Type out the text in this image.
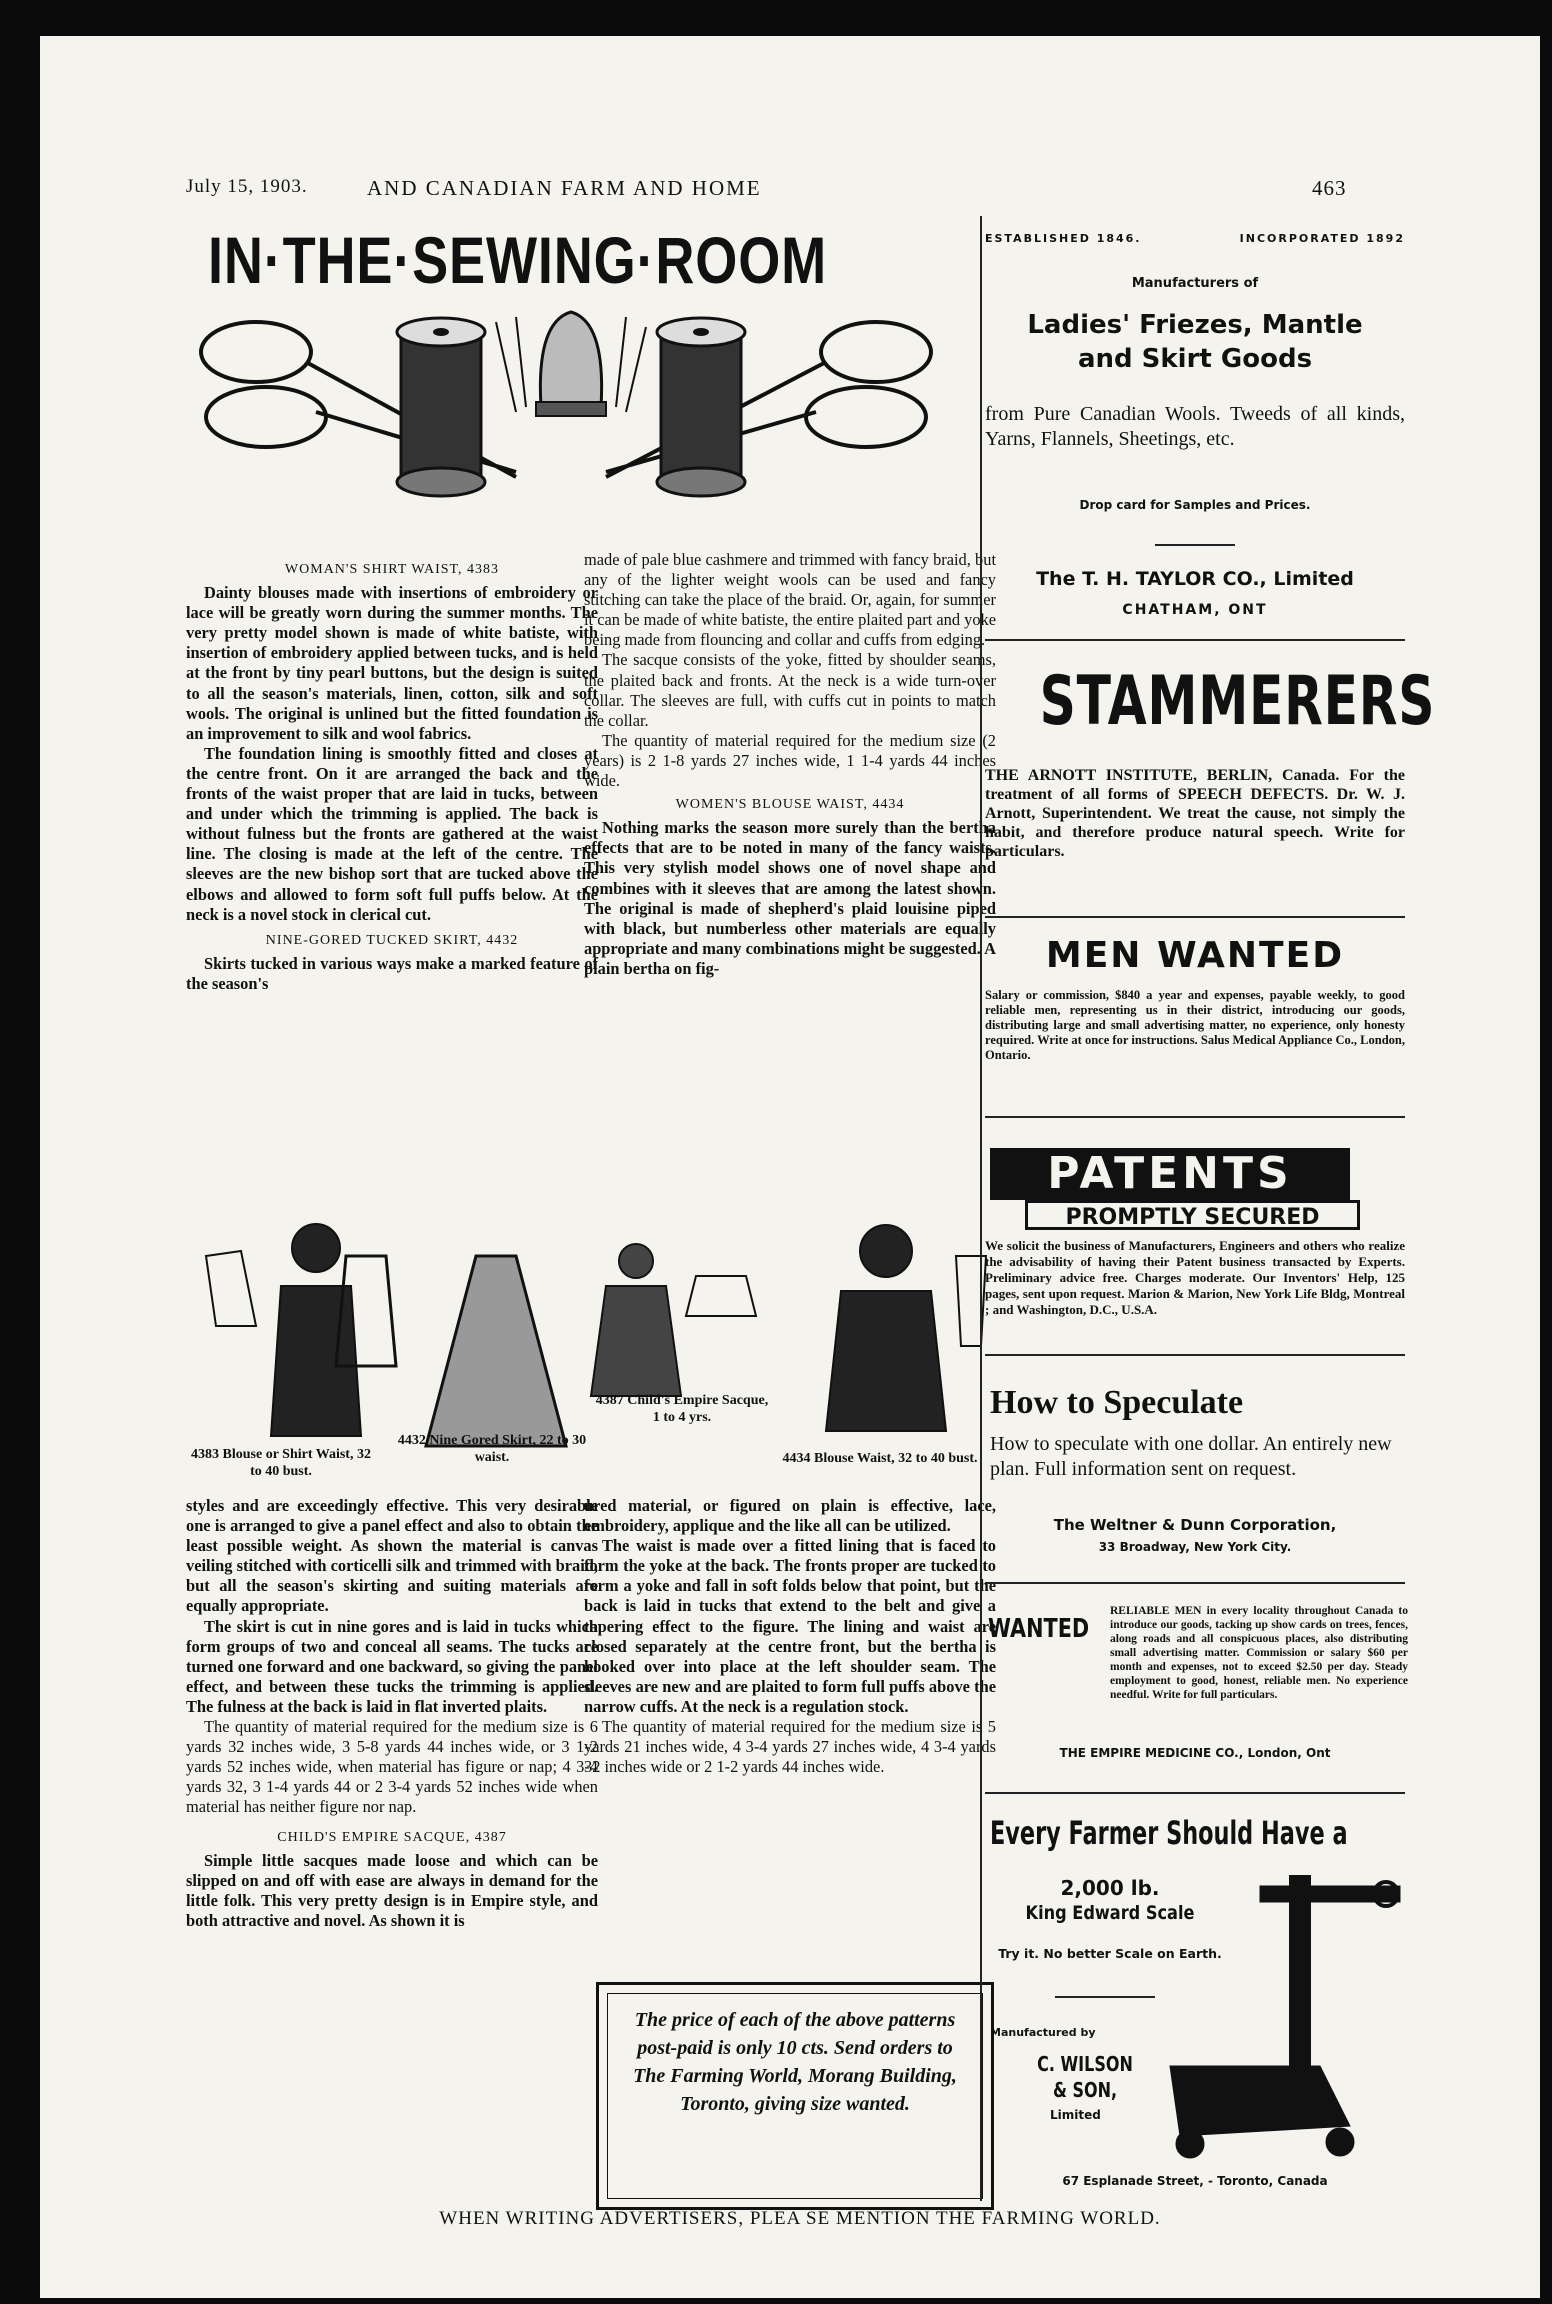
July 15, 1903.	AND CANADIAN FARM AND HOME	463
IN·THE·SEWING·ROOM
WOMAN'S SHIRT WAIST, 4383

Dainty blouses made with insertions of embroidery or lace will be greatly worn during the summer months. The very pretty model shown is made of white batiste, with insertion of embroidery applied between tucks, and is held at the front by tiny pearl buttons, but the design is suited to all the season's materials, linen, cotton, silk and soft wools. The original is unlined but the fitted foundation is an improvement to silk and wool fabrics.

The foundation lining is smoothly fitted and closes at the centre front. On it are arranged the back and the fronts of the waist proper that are laid in tucks, between and under which the trimming is applied. The back is without fulness but the fronts are gathered at the waist line. The closing is made at the left of the centre. The sleeves are the new bishop sort that are tucked above the elbows and allowed to form soft full puffs below. At the neck is a novel stock in clerical cut.

NINE-GORED TUCKED SKIRT, 4432

Skirts tucked in various ways make a marked feature of the season's

made of pale blue cashmere and trimmed with fancy braid, but any of the lighter weight wools can be used and fancy stitching can take the place of the braid. Or, again, for summer it can be made of white batiste, the entire plaited part and yoke being made from flouncing and collar and cuffs from edging.

The sacque consists of the yoke, fitted by shoulder seams, the plaited back and fronts. At the neck is a wide turn-over collar. The sleeves are full, with cuffs cut in points to match the collar.

The quantity of material required for the medium size (2 years) is 2 1-8 yards 27 inches wide, 1 1-4 yards 44 inches wide.

WOMEN'S BLOUSE WAIST, 4434

Nothing marks the season more surely than the bertha effects that are to be noted in many of the fancy waists. This very stylish model shows one of novel shape and combines with it sleeves that are among the latest shown. The original is made of shepherd's plaid louisine piped with black, but numberless other materials are equally appropriate and many combinations might be suggested. A plain bertha on fig-

4383 Blouse or Shirt Waist, 32 to 40 bust.
4432 Nine Gored Skirt, 22 to 30 waist.
4387 Child's Empire Sacque, 1 to 4 yrs.
4434 Blouse Waist, 32 to 40 bust.

styles and are exceedingly effective. This very desirable one is arranged to give a panel effect and also to obtain the least possible weight. As shown the material is canvas veiling stitched with corticelli silk and trimmed with braid, but all the season's skirting and suiting materials are equally appropriate.

The skirt is cut in nine gores and is laid in tucks which form groups of two and conceal all seams. The tucks are turned one forward and one backward, so giving the panel effect, and between these tucks the trimming is applied. The fulness at the back is laid in flat inverted plaits.

The quantity of material required for the medium size is 6 yards 32 inches wide, 3 5-8 yards 44 inches wide, or 3 1-2 yards 52 inches wide, when material has figure or nap; 4 3-4 yards 32, 3 1-4 yards 44 or 2 3-4 yards 52 inches wide when material has neither figure nor nap.

CHILD'S EMPIRE SACQUE, 4387

Simple little sacques made loose and which can be slipped on and off with ease are always in demand for the little folk. This very pretty design is in Empire style, and both attractive and novel. As shown it is

ured material, or figured on plain is effective, lace, embroidery, applique and the like all can be utilized.

The waist is made over a fitted lining that is faced to form the yoke at the back. The fronts proper are tucked to form a yoke and fall in soft folds below that point, but the back is laid in tucks that extend to the belt and give a tapering effect to the figure. The lining and waist are closed separately at the centre front, but the bertha is hooked over into place at the left shoulder seam. The sleeves are new and are plaited to form full puffs above the narrow cuffs. At the neck is a regulation stock.

The quantity of material required for the medium size is 5 yards 21 inches wide, 4 3-4 yards 27 inches wide, 4 3-4 yards 32 inches wide or 2 1-2 yards 44 inches wide.

The price of each of the above patterns post-paid is only 10 cts. Send orders to The Farming World, Morang Building, Toronto, giving size wanted.
ESTABLISHED 1846.	INCORPORATED 1892
Manufacturers of
Ladies' Friezes, Mantle and Skirt Goods
from Pure Canadian Wools. Tweeds of all kinds, Yarns, Flannels, Sheetings, etc.
Drop card for Samples and Prices.
The T. H. TAYLOR CO., Limited
CHATHAM, ONT
STAMMERERS
THE ARNOTT INSTITUTE, BERLIN, Canada. For the treatment of all forms of SPEECH DEFECTS. Dr. W. J. Arnott, Superintendent. We treat the cause, not simply the habit, and therefore produce natural speech. Write for particulars.
MEN WANTED
Salary or commission, $840 a year and expenses, payable weekly, to good reliable men, representing us in their district, introducing our goods, distributing large and small advertising matter, no experience, only honesty required. Write at once for instructions. Salus Medical Appliance Co., London, Ontario.
PATENTS
PROMPTLY SECURED
We solicit the business of Manufacturers, Engineers and others who realize the advisability of having their Patent business transacted by Experts. Preliminary advice free. Charges moderate. Our Inventors' Help, 125 pages, sent upon request. Marion & Marion, New York Life Bldg, Montreal ; and Washington, D.C., U.S.A.
How to Speculate
How to speculate with one dollar. An entirely new plan. Full information sent on request.
The Weltner & Dunn Corporation,
33 Broadway, New York City.
WANTED
RELIABLE MEN in every locality throughout Canada to introduce our goods, tacking up show cards on trees, fences, along roads and all conspicuous places, also distributing small advertising matter. Commission or salary $60 per month and expenses, not to exceed $2.50 per day. Steady employment to good, honest, reliable men. No experience needful. Write for full particulars.
THE EMPIRE MEDICINE CO., London, Ont
Every Farmer Should Have a
2,000 lb.
King Edward Scale
Try it. No better Scale on Earth.
Manufactured by
C. WILSON
& SON,
Limited
67 Esplanade Street, - Toronto, Canada
WHEN WRITING ADVERTISERS, PLEA SE MENTION THE FARMING WORLD.
